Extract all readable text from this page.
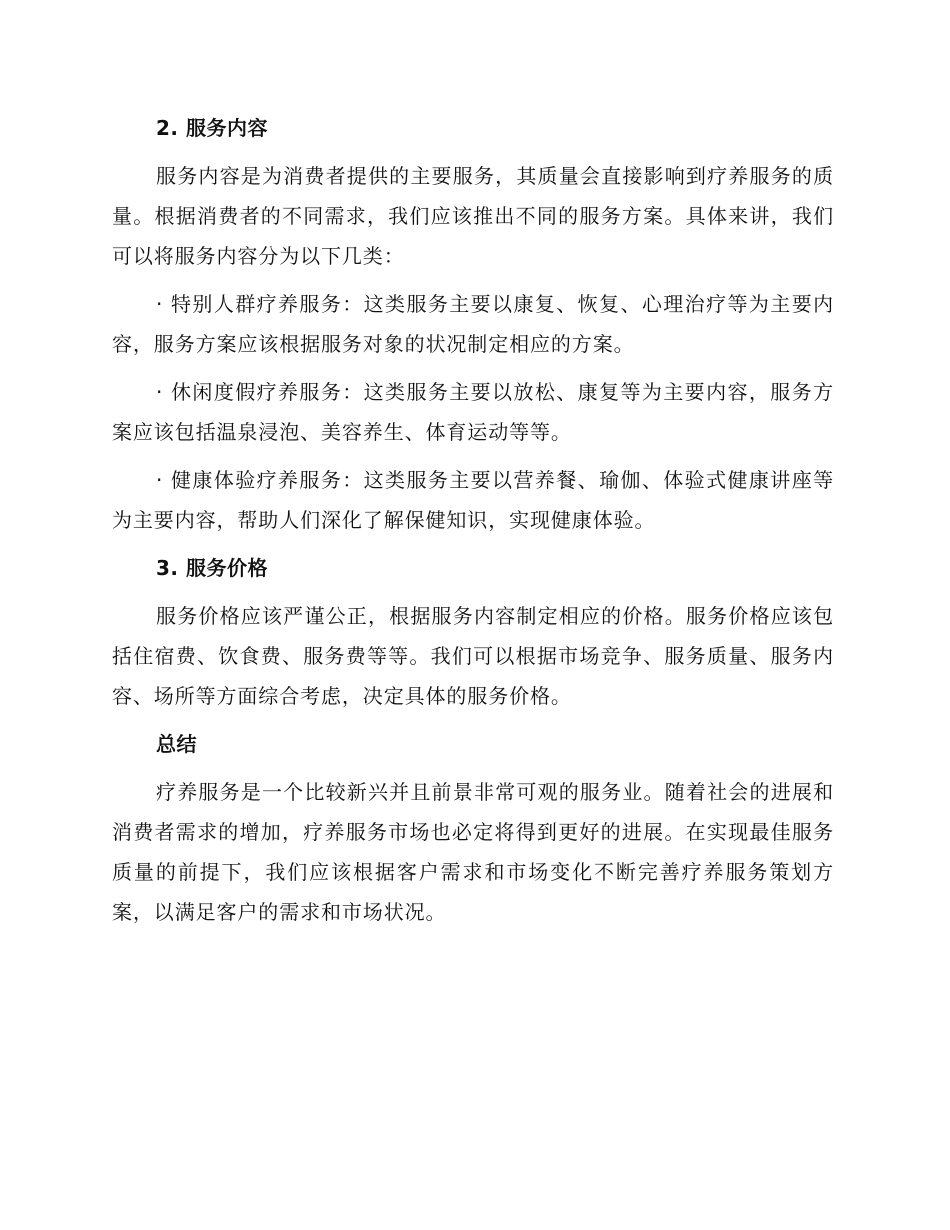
2. 服务内容

服务内容是为消费者提供的主要服务，其质量会直接影响到疗养服务的质量。根据消费者的不同需求，我们应该推出不同的服务方案。具体来讲，我们可以将服务内容分为以下几类：

· 特别人群疗养服务：这类服务主要以康复、恢复、心理治疗等为主要内容，服务方案应该根据服务对象的状况制定相应的方案。

· 休闲度假疗养服务：这类服务主要以放松、康复等为主要内容，服务方案应该包括温泉浸泡、美容养生、体育运动等等。

· 健康体验疗养服务：这类服务主要以营养餐、瑜伽、体验式健康讲座等为主要内容，帮助人们深化了解保健知识，实现健康体验。

3. 服务价格

服务价格应该严谨公正，根据服务内容制定相应的价格。服务价格应该包括住宿费、饮食费、服务费等等。我们可以根据市场竞争、服务质量、服务内容、场所等方面综合考虑，决定具体的服务价格。

总结

疗养服务是一个比较新兴并且前景非常可观的服务业。随着社会的进展和消费者需求的增加，疗养服务市场也必定将得到更好的进展。在实现最佳服务质量的前提下，我们应该根据客户需求和市场变化不断完善疗养服务策划方案，以满足客户的需求和市场状况。
